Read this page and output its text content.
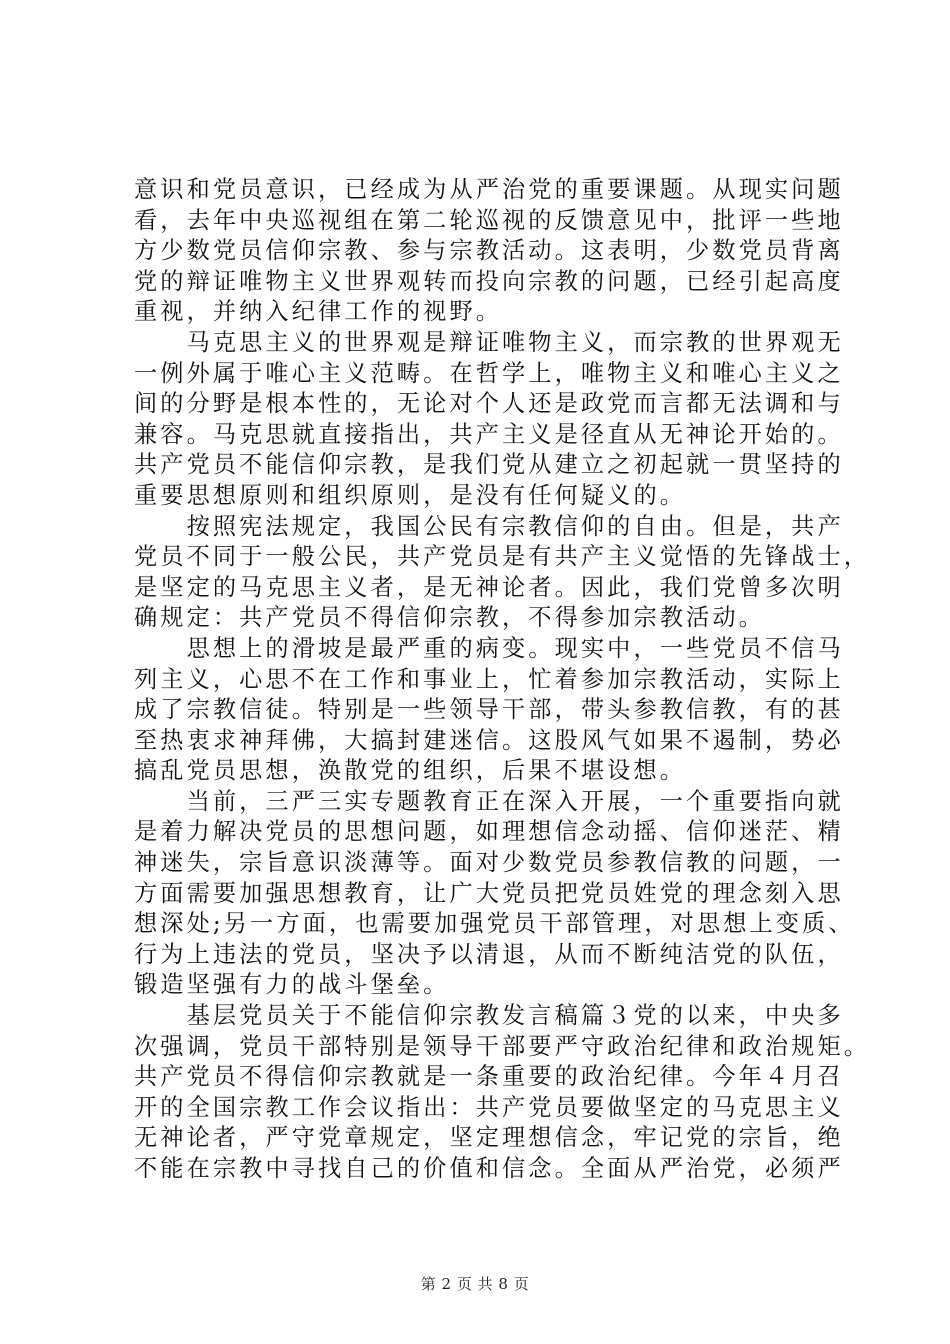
意识和党员意识，已经成为从严治党的重要课题。从现实问题
看，去年中央巡视组在第二轮巡视的反馈意见中，批评一些地
方少数党员信仰宗教、参与宗教活动。这表明，少数党员背离
党的辩证唯物主义世界观转而投向宗教的问题，已经引起高度
重视，并纳入纪律工作的视野。
　　马克思主义的世界观是辩证唯物主义，而宗教的世界观无
一例外属于唯心主义范畴。在哲学上，唯物主义和唯心主义之
间的分野是根本性的，无论对个人还是政党而言都无法调和与
兼容。马克思就直接指出，共产主义是径直从无神论开始的。
共产党员不能信仰宗教，是我们党从建立之初起就一贯坚持的
重要思想原则和组织原则，是没有任何疑义的。
　　按照宪法规定，我国公民有宗教信仰的自由。但是，共产
党员不同于一般公民，共产党员是有共产主义觉悟的先锋战士，
是坚定的马克思主义者，是无神论者。因此，我们党曾多次明
确规定：共产党员不得信仰宗教，不得参加宗教活动。
　　思想上的滑坡是最严重的病变。现实中，一些党员不信马
列主义，心思不在工作和事业上，忙着参加宗教活动，实际上
成了宗教信徒。特别是一些领导干部，带头参教信教，有的甚
至热衷求神拜佛，大搞封建迷信。这股风气如果不遏制，势必
搞乱党员思想，涣散党的组织，后果不堪设想。
　　当前，三严三实专题教育正在深入开展，一个重要指向就
是着力解决党员的思想问题，如理想信念动摇、信仰迷茫、精
神迷失，宗旨意识淡薄等。面对少数党员参教信教的问题，一
方面需要加强思想教育，让广大党员把党员姓党的理念刻入思
想深处;另一方面，也需要加强党员干部管理，对思想上变质、
行为上违法的党员，坚决予以清退，从而不断纯洁党的队伍，
锻造坚强有力的战斗堡垒。
　　基层党员关于不能信仰宗教发言稿篇３党的以来，中央多
次强调，党员干部特别是领导干部要严守政治纪律和政治规矩。
共产党员不得信仰宗教就是一条重要的政治纪律。今年４月召
开的全国宗教工作会议指出：共产党员要做坚定的马克思主义
无神论者，严守党章规定，坚定理想信念，牢记党的宗旨，绝
不能在宗教中寻找自己的价值和信念。全面从严治党，必须严
第 2 页 共 8 页
